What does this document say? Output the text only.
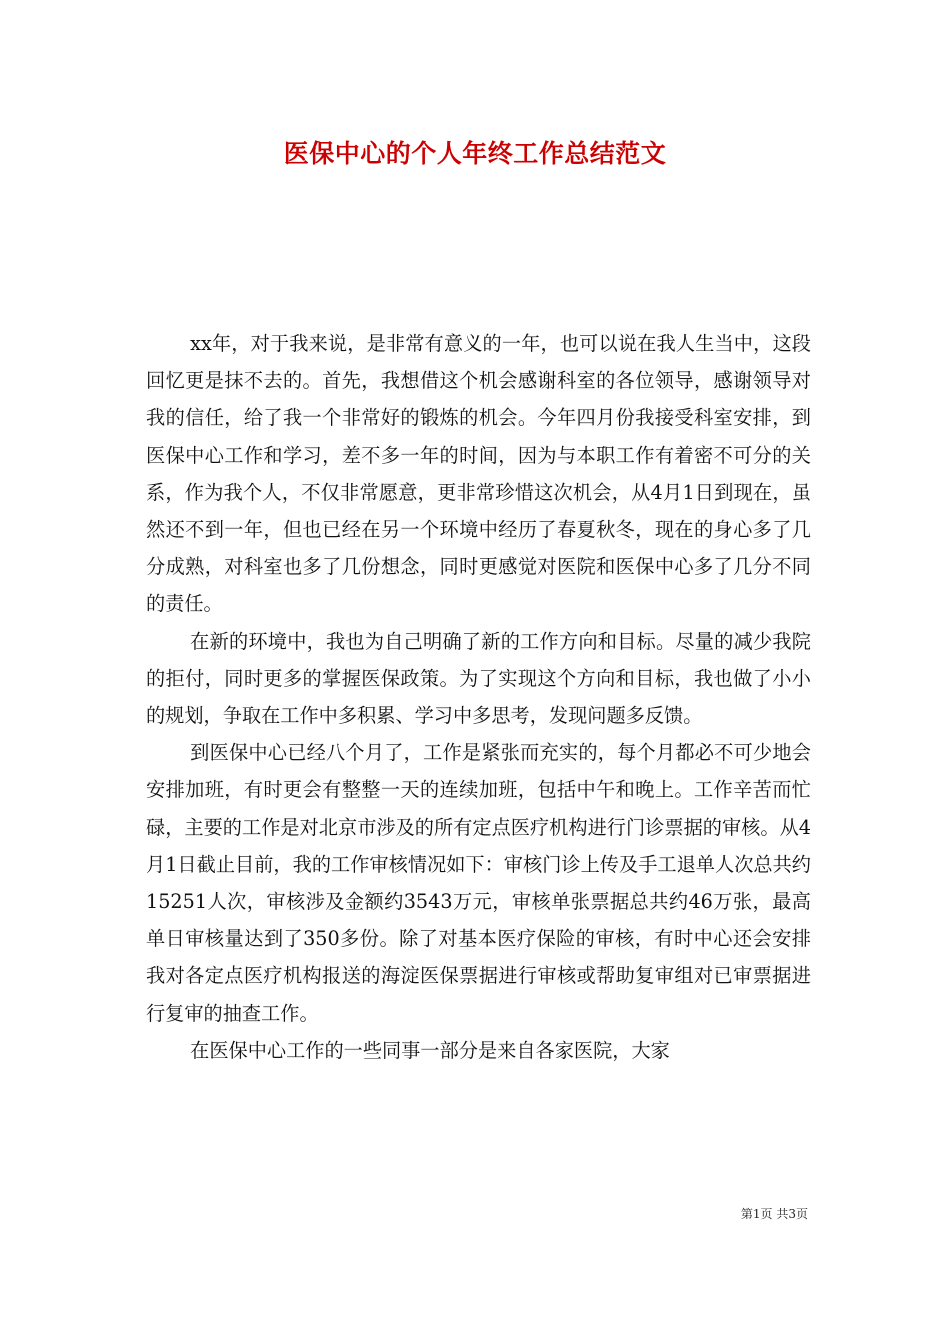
医保中心的个人年终工作总结范文

xx年，对于我来说，是非常有意义的一年，也可以说在我人生当中，这段回忆更是抹不去的。首先，我想借这个机会感谢科室的各位领导，感谢领导对我的信任，给了我一个非常好的锻炼的机会。今年四月份我接受科室安排，到医保中心工作和学习，差不多一年的时间，因为与本职工作有着密不可分的关系，作为我个人，不仅非常愿意，更非常珍惜这次机会，从4月1日到现在，虽然还不到一年，但也已经在另一个环境中经历了春夏秋冬，现在的身心多了几分成熟，对科室也多了几份想念，同时更感觉对医院和医保中心多了几分不同的责任。

在新的环境中，我也为自己明确了新的工作方向和目标。尽量的减少我院的拒付，同时更多的掌握医保政策。为了实现这个方向和目标，我也做了小小的规划，争取在工作中多积累、学习中多思考，发现问题多反馈。

到医保中心已经八个月了，工作是紧张而充实的，每个月都必不可少地会安排加班，有时更会有整整一天的连续加班，包括中午和晚上。工作辛苦而忙碌，主要的工作是对北京市涉及的所有定点医疗机构进行门诊票据的审核。从4月1日截止目前，我的工作审核情况如下：审核门诊上传及手工退单人次总共约15251人次，审核涉及金额约3543万元，审核单张票据总共约46万张，最高单日审核量达到了350多份。除了对基本医疗保险的审核，有时中心还会安排我对各定点医疗机构报送的海淀医保票据进行审核或帮助复审组对已审票据进行复审的抽查工作。

在医保中心工作的一些同事一部分是来自各家医院，大家

第1页 共3页
